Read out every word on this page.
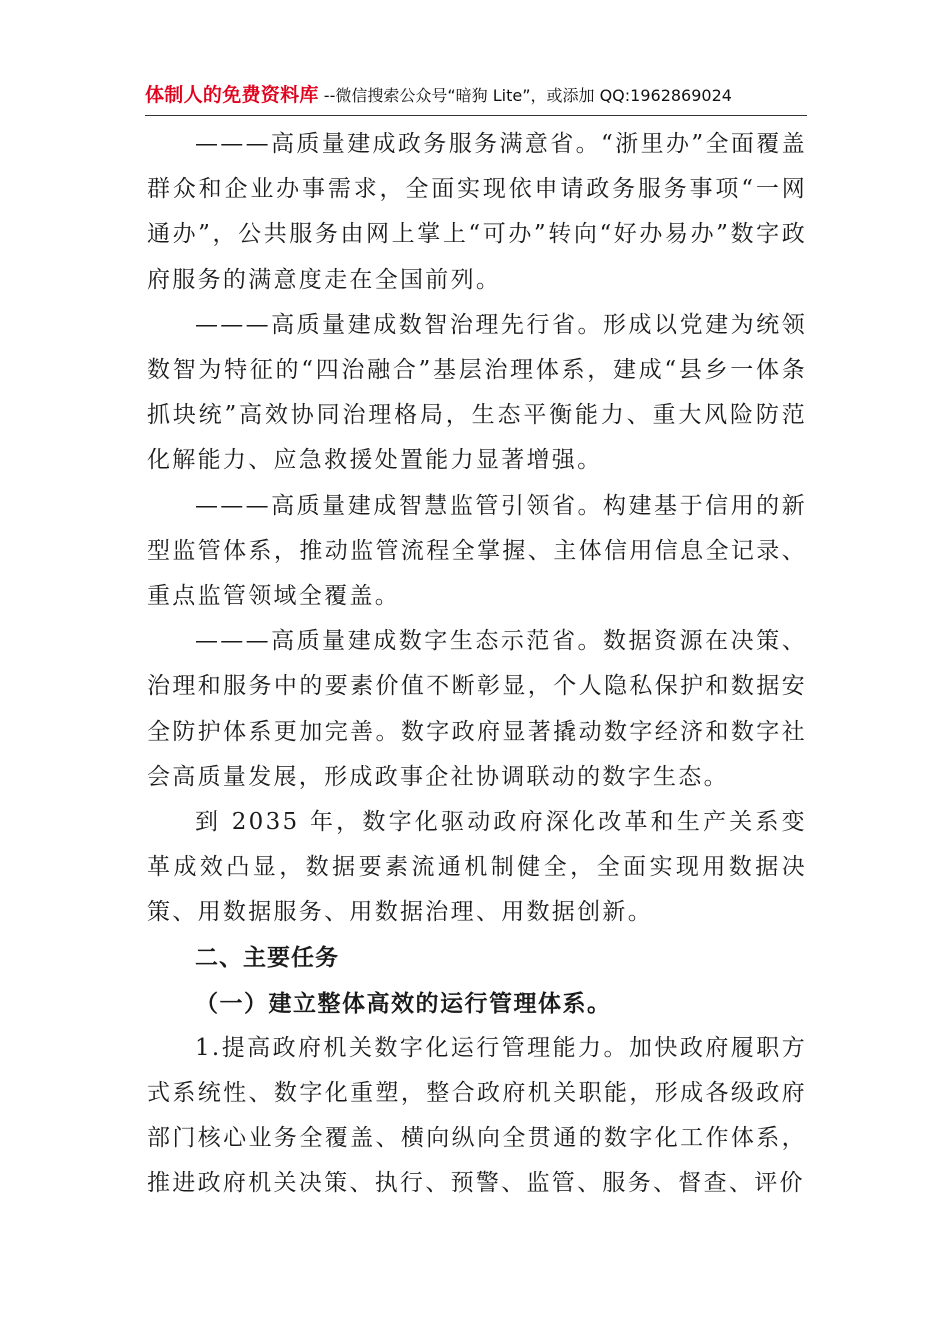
体制人的免费资料库 --微信搜索公众号“暗狗 Lite”，或添加 QQ:1962869024

———高质量建成政务服务满意省。“浙里办”全面覆盖群众和企业办事需求，全面实现依申请政务服务事项“一网通办”，公共服务由网上掌上“可办”转向“好办易办”数字政府服务的满意度走在全国前列。

———高质量建成数智治理先行省。形成以党建为统领数智为特征的“四治融合”基层治理体系，建成“县乡一体条抓块统”高效协同治理格局，生态平衡能力、重大风险防范化解能力、应急救援处置能力显著增强。

———高质量建成智慧监管引领省。构建基于信用的新型监管体系，推动监管流程全掌握、主体信用信息全记录、重点监管领域全覆盖。

———高质量建成数字生态示范省。数据资源在决策、治理和服务中的要素价值不断彰显，个人隐私保护和数据安全防护体系更加完善。数字政府显著撬动数字经济和数字社会高质量发展，形成政事企社协调联动的数字生态。

到 2035 年，数字化驱动政府深化改革和生产关系变革成效凸显，数据要素流通机制健全，全面实现用数据决策、用数据服务、用数据治理、用数据创新。

二、主要任务
（一）建立整体高效的运行管理体系。

1.提高政府机关数字化运行管理能力。加快政府履职方式系统性、数字化重塑，整合政府机关职能，形成各级政府部门核心业务全覆盖、横向纵向全贯通的数字化工作体系，推进政府机关决策、执行、预警、监管、服务、督查、评价
